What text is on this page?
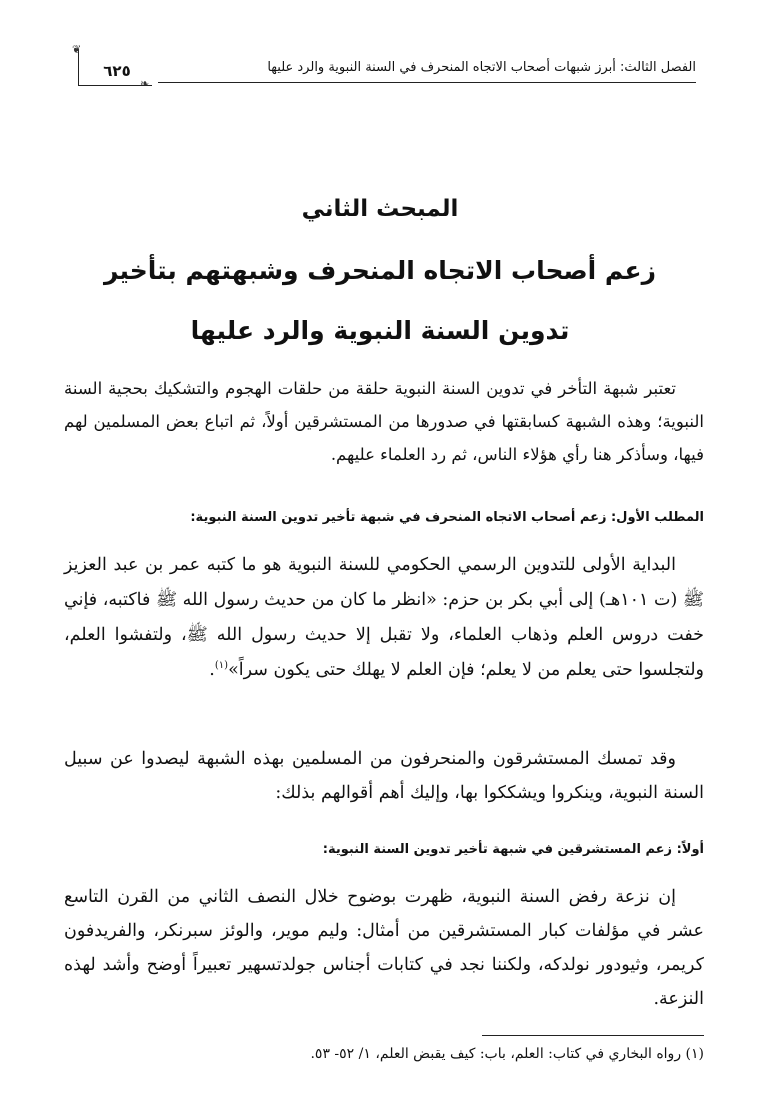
الفصل الثالث: أبرز شبهات أصحاب الاتجاه المنحرف في السنة النبوية والرد عليها
٦٢٥
❦
❧
المبحث الثاني
زعم أصحاب الاتجاه المنحرف وشبهتهم بتأخير
تدوين السنة النبوية والرد عليها

تعتبر شبهة التأخر في تدوين السنة النبوية حلقة من حلقات الهجوم والتشكيك بحجية السنة النبوية؛ وهذه الشبهة كسابقتها في صدورها من المستشرقين أولاً، ثم اتباع بعض المسلمين لهم فيها، وسأذكر هنا رأي هؤلاء الناس، ثم رد العلماء عليهم.

المطلب الأول: زعم أصحاب الاتجاه المنحرف في شبهة تأخير تدوين السنة النبوية:

البداية الأولى للتدوين الرسمي الحكومي للسنة النبوية هو ما كتبه عمر بن عبد العزيز ﷺ (ت ١٠١هـ) إلى أبي بكر بن حزم: «انظر ما كان من حديث رسول الله ﷺ فاكتبه، فإني خفت دروس العلم وذهاب العلماء، ولا تقبل إلا حديث رسول الله ﷺ، ولتفشوا العلم، ولتجلسوا حتى يعلم من لا يعلم؛ فإن العلم لا يهلك حتى يكون سراً»$^{(١)}$.

وقد تمسك المستشرقون والمنحرفون من المسلمين بهذه الشبهة ليصدوا عن سبيل السنة النبوية، وينكروا ويشككوا بها، وإليك أهم أقوالهم بذلك:

أولاً: زعم المستشرقين في شبهة تأخير تدوين السنة النبوية:

إن نزعة رفض السنة النبوية، ظهرت بوضوح خلال النصف الثاني من القرن التاسع عشر في مؤلفات كبار المستشرقين من أمثال: وليم موير، والوئز سبرنكر، والفريدفون كريمر، وثيودور نولدكه، ولكننا نجد في كتابات أجناس جولدتسهير تعبيراً أوضح وأشد لهذه النزعة.

(١) رواه البخاري في كتاب: العلم، باب: كيف يقبض العلم، ١/ ٥٢- ٥٣.
